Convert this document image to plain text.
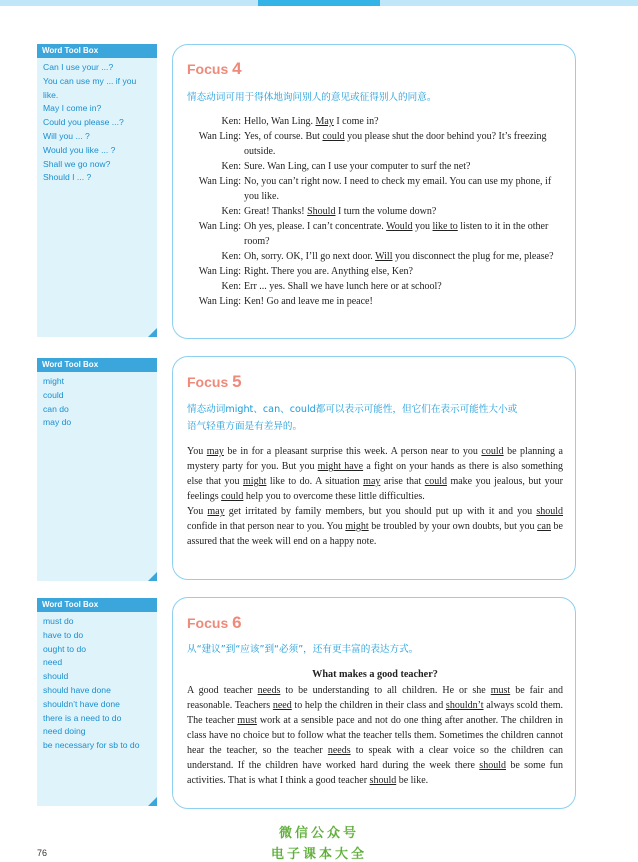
Word Tool Box
Can I use your ...?
You can use my ... if you like.
May I come in?
Could you please ...?
Will you ... ?
Would you like ... ?
Shall we go now?
Should I ... ?
Word Tool Box
might
could
can do
may do
Word Tool Box
must do
have to do
ought to do
need
should
should have done
shouldn’t have done
there is a need to do
need doing
be necessary for sb to do
Focus 4
情态动词可用于得体地询问别人的意见或征得别人的同意。
Ken: Hello, Wan Ling. May I come in?
Wan Ling: Yes, of course. But could you please shut the door behind you? It’s freezing outside.
Ken: Sure. Wan Ling, can I use your computer to surf the net?
Wan Ling: No, you can’t right now. I need to check my email. You can use my phone, if you like.
Ken: Great! Thanks! Should I turn the volume down?
Wan Ling: Oh yes, please. I can’t concentrate. Would you like to listen to it in the other room?
Ken: Oh, sorry. OK, I’ll go next door. Will you disconnect the plug for me, please?
Wan Ling: Right. There you are. Anything else, Ken?
Ken: Err ... yes. Shall we have lunch here or at school?
Wan Ling: Ken! Go and leave me in peace!
Focus 5
情态动词might、can、could都可以表示可能性，但它们在表示可能性大小或
语气轻重方面是有差异的。

You may be in for a pleasant surprise this week. A person near to you could be planning a mystery party for you. But you might have a fight on your hands as there is also something else that you might like to do. A situation may arise that could make you jealous, but your feelings could help you to overcome these little difficulties.

You may get irritated by family members, but you should put up with it and you should confide in that person near to you. You might be troubled by your own doubts, but you can be assured that the week will end on a happy note.

Focus 6
从“建议”到“应该”到“必须”，还有更丰富的表达方式。
What makes a good teacher?

A good teacher needs to be understanding to all children. He or she must be fair and reasonable. Teachers need to help the children in their class and shouldn’t always scold them. The teacher must work at a sensible pace and not do one thing after another. The children in class have no choice but to follow what the teacher tells them. Sometimes the children cannot hear the teacher, so the teacher needs to speak with a clear voice so the children can understand. If the children have worked hard during the week there should be some fun activities. That is what I think a good teacher should be like.

76
微信公众号
电子课本大全
